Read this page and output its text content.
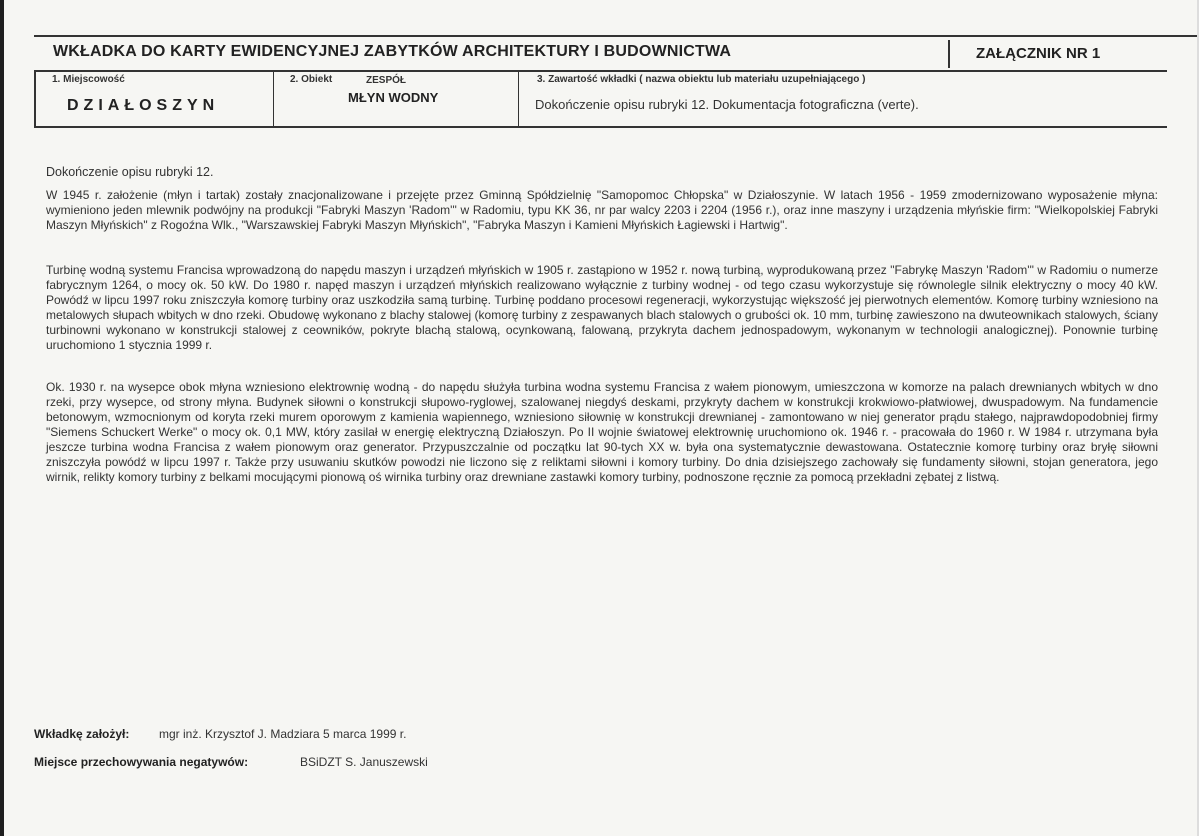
WKŁADKA DO KARTY EWIDENCYJNEJ ZABYTKÓW ARCHITEKTURY I BUDOWNICTWA	ZAŁĄCZNIK NR 1
1. Miejscowość
DZIAŁOSZYN
2. Obiekt	ZESPÓŁ
MŁYN WODNY
3. Zawartość wkładki ( nazwa obiektu lub materiału uzupełniającego )
Dokończenie opisu rubryki 12. Dokumentacja fotograficzna (verte).
Dokończenie opisu rubryki 12.
W 1945 r. założenie (młyn i tartak) zostały znacjonalizowane i przejęte przez Gminną Spółdzielnię "Samopomoc Chłopska" w Działoszynie. W latach 1956 - 1959 zmodernizowano wyposażenie młyna: wymieniono jeden mlewnik podwójny na produkcji "Fabryki Maszyn 'Radom'" w Radomiu, typu KK 36, nr par walcy 2203 i 2204 (1956 r.), oraz inne maszyny i urządzenia młyńskie firm: "Wielkopolskiej Fabryki Maszyn Młyńskich" z Rogoźna Wlk., "Warszawskiej Fabryki Maszyn Młyńskich", "Fabryka Maszyn i Kamieni Młyńskich Łagiewski i Hartwig".
Turbinę wodną systemu Francisa wprowadzoną do napędu maszyn i urządzeń młyńskich w 1905 r. zastąpiono w 1952 r. nową turbiną, wyprodukowaną przez "Fabrykę Maszyn 'Radom'" w Radomiu o numerze fabrycznym 1264, o mocy ok. 50 kW. Do 1980 r. napęd maszyn i urządzeń młyńskich realizowano wyłącznie z turbiny wodnej - od tego czasu wykorzystuje się równolegle silnik elektryczny o mocy 40 kW. Powódź w lipcu 1997 roku zniszczyła komorę turbiny oraz uszkodziła samą turbinę. Turbinę poddano procesowi regeneracji, wykorzystując większość jej pierwotnych elementów. Komorę turbiny wzniesiono na metalowych słupach wbitych w dno rzeki. Obudowę wykonano z blachy stalowej (komorę turbiny z zespawanych blach stalowych o grubości ok. 10 mm, turbinę zawieszono na dwuteownikach stalowych, ściany turbinowni wykonano w konstrukcji stalowej z ceowników, pokryte blachą stalową, ocynkowaną, falowaną, przykryta dachem jednospadowym, wykonanym w technologii analogicznej). Ponownie turbinę uruchomiono 1 stycznia 1999 r.
Ok. 1930 r. na wysepce obok młyna wzniesiono elektrownię wodną - do napędu służyła turbina wodna systemu Francisa z wałem pionowym, umieszczona w komorze na palach drewnianych wbitych w dno rzeki, przy wysepce, od strony młyna. Budynek siłowni o konstrukcji słupowo-ryglowej, szalowanej niegdyś deskami, przykryty dachem w konstrukcji krokwiowo-płatwiowej, dwuspadowym. Na fundamencie betonowym, wzmocnionym od koryta rzeki murem oporowym z kamienia wapiennego, wzniesiono siłownię w konstrukcji drewnianej - zamontowano w niej generator prądu stałego, najprawdopodobniej firmy "Siemens Schuckert Werke" o mocy ok. 0,1 MW, który zasilał w energię elektryczną Działoszyn. Po II wojnie światowej elektrownię uruchomiono ok. 1946 r. - pracowała do 1960 r. W 1984 r. utrzymana była jeszcze turbina wodna Francisa z wałem pionowym oraz generator. Przypuszczalnie od początku lat 90-tych XX w. była ona systematycznie dewastowana. Ostatecznie komorę turbiny oraz bryłę siłowni zniszczyła powódź w lipcu 1997 r. Także przy usuwaniu skutków powodzi nie liczono się z reliktami siłowni i komory turbiny. Do dnia dzisiejszego zachowały się fundamenty siłowni, stojan generatora, jego wirnik, relikty komory turbiny z belkami mocującymi pionową oś wirnika turbiny oraz drewniane zastawki komory turbiny, podnoszone ręcznie za pomocą przekładni zębatej z listwą.
Wkładkę założył: mgr inż. Krzysztof J. Madziara 5 marca 1999 r.
Miejsce przechowywania negatywów:	BSiDZT S. Januszewski
